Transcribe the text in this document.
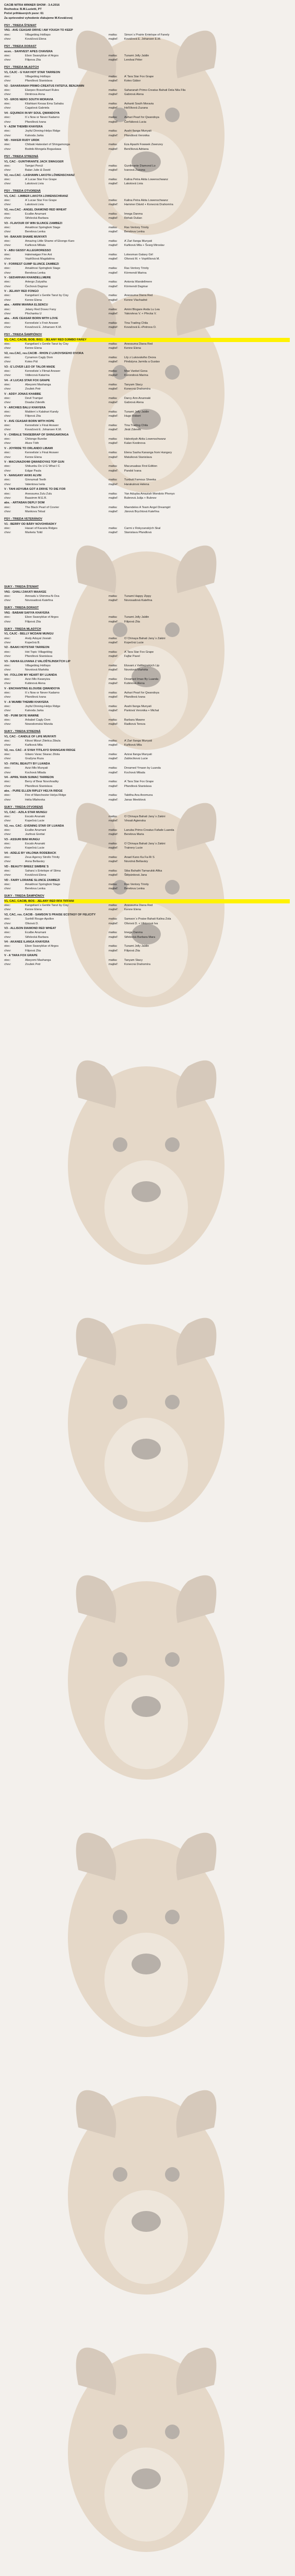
CACIB NITRA WINNER SHOW - 3.4.2016
Rozhodca: B.M.Luzietti, PT
Počet prihlásených psov: 61
Za sprievodné vyhodenie ďakujeme M.Kováčovej
PSY - TRIEDA ŠTENIAT
VN1 - AVE CEASAR DRIVE I AM YOUGH TO KEEP
otec:	Villageblog Hollispo	matka:	Simon´s Prairie Entelope of Fanely
chov:	Kováčová Elena	majiteľ:	Kováčová E. Johansen E.M.
PSY - TRIEDA DORAST
ocen. - SAHIVEST APES CHAVERA
otec:	Ebon Swanyblue of Argos	matka:	Tunami Jolly Jaldin
chov:	Filipova Zita	majiteľ:	Lendvai Péter
PSY - TRIEDA MLADÝCH
V1, CAJC - G´KAH HOT STAR TARREON
otec:	Villageblog Hollispo	matka:	A´Tara Star Fox Grape
chov:	Pfandlová Stanislava	majiteľ:	Kotes Gábor
V2 - SAHARANAH PRIMO-CREATUS FATEFUL BENJAMIN
otec:	Elanpex Bravehaart Rules	matka:	Saharanah Primo-Creatus Bahati Dela Nila Fila
chov:	Dimitrova Anna	majiteľ:	Gabrová Alena
V3 - EROS NERO SOUTH MORAVIA
otec:	Kilahkani Kesaa Ema Sahabu	matka:	Ashanti South Moravia
chov:	Cagalová Gabriela	majiteľ:	Hoľčíková Zuzana
V4 - EQUINOX IN MY SOUL QWANDOYA
otec:	It´s Now or Never Kadamo	matka:	Ashari Pearl for Qwandoya
chov:	Pfandlová Ivana	majiteľ:	Čerňáková Lucia
V - AZIM THEMBI KHAYERA
otec:	Joyful Dinning-Helps Ridge	matka:	Asahi Ilanga Munyati
chov:	Kalvoda Jarka	majiteľ:	Pfandlová Veronika
VD - HAKER RUDY URDK
otec:	Chibaki Hakeslart of Shingamonga	matka:	Eza Apashi Fowwek Zwenzey
chov:	Bodnik-Mongela Boguslawa	majiteľ:	Benčíková Adriana
PSY - TRIEDA STREDNÁ
V1, CAC - GUNTHRANTE JACK SWAGGER
otec:	Tamjari Penúl	matka:	Gunthrante Diamond Lo
chov:	Balan Julie & David	majiteľ:	Ivanová Zuzana
V2, res.CAC - LASHAWN LAKOTA LÖWENSCHANZ
otec:	A´Lucae Star Fox Grape	matka:	Kalina Petra Akita Lowenschwanz
chov:	Lakotová Livia	majiteľ:	Lakotová Livia
PSY - TRIEDA OTVORENÁ
V1, CAC - LIMBER LAKOTA LOWENSCHRANZ
otec:	A´Lucae Star Fox Grape	matka:	Kalina Petra Akita Lowenschwanz
chov:	Lakotová Livia	majiteľ:	Hammer Dávid + Konecná Drahomíra
V2, res.CAC - ANGEL DIAMOND RED WHEAT
otec:	Ecalbe Anumani	matka:	Imega Danma
chov:	Střelecká Barbara	majiteľ:	Rehak Dušan
V3 - FLAVOUR OF WIN SLUNCE ZAMBEZI
otec:	Amakhosi Springbok Stage	matka:	Ras Ventory Trinity
chov:	Berelova Lenka	majiteľ:	Berelova Lenka
V4 - BAKARI SHAME MUNYATI
otec:	Amazing Little Shame of Ekongo Karo	matka:	A´Zari Ilanga Munyati
chov:	Kaňková Miliala	majiteľ:	Kaňková Mila + Švarg Miroslav
V - ABU GESSY ALLEGRORESSO
otec:	Haleinwigan Fire Ant	matka:	Lokesman Galaxy Girl
chov:	Vopěčková Magdaléna	majiteľ:	Olivová M. + Vopěčková M.
V - FORREST GUMP SLUNCE ZAMBEZI
otec:	Amakhosi Springbok Stage	matka:	Ras Ventory Trinity
chov:	Berelova Lenka	majiteľ:	Körmendi Marina
V - GEDARHAN KHANDELLMERE
otec:	Artergo Zutyatha	matka:	Antonia Wandellmere
chov:	Čechová Dagmar	majiteľ:	Körmendi Dagmar
V - JELANY RED FONGO
otec:	Kangeliani´s Gentle Tanzi by Cisy	matka:	Anessuma Diana Red
chov:	Kenne Elena	majiteľ:	Kenne Vlachadné
abs. - AMINI MIANNA ELSENCU
otec:	Jelany Red Dosez Fany	matka:	Amini Blogare Anda Lu Lea
chov:	Plochanka U	majiteľ:	Yakovleva V. + Přecka V.
abs. - AVE CEASAR BORN WITH LOVE
otec:	Kenneliste´s Freir Answer	matka:	Tina Trading Chila
chov:	Kovačová E. Johansen K.M.	majiteľ:	Kovačová E.+Petrova O.
PSY - TRIEDA ŠAMPIÓNOV
V1, CAC, CACIB, BOB, BIS1 - JELANY RED DJIMBO FAREY
otec:	Kangeliani´s Gentle Tanzi by Cisy	matka:	Anessuma Diana Red
chov:	Kenne Elena	majiteľ:	Kenne Elena
V2, res.CAC, res.CACIB - RHON Z LUKOVSKEHO DVORA
otec:	Cynamon Cagly Dom	matka:	Lily z Lukovského Dvora
chov:	Kotes Pál	majiteľ:	Pindulyna Jarmila a Gustav
V3 - E`LOVER LEO OF TALOR MADE
otec:	Kenneliste´s Flimat Answer	matka:	Mae Vankel Gona
chov:	Vidlecová Katarína	majiteľ:	Korondová Marina
V4 - A`LUCAS STAR FOX GRAPE
otec:	Abeyomi Mashanga	matka:	Tanyam Stacy
chov:	Zouliek Petr	majiteľ:	Konecná Drahomíra
V - ADDY JONAS KHABBE
otec:	Devil Tramjari	matka:	Darcy Ann Anunnaki
chov:	Doadai Zdeněk	majiteľ:	Gabrová Alena
V - ARCHIES BALU KHAYERA
otec:	Maldem´s Kalahari Kandy	matka:	Tunami Jolly Jaldin
chov:	Filipová Zita	majiteľ:	Hugo Robert
V - AVE CEASAR BORN WITH HOPE
otec:	Kenneliste´s Final Answer	matka:	Tina Trading Chila
chov:	Kovačová E. Johansen K.M.	majiteľ:	Jinát Zdeněk
V - CHIBALE TANSEBRAP OF SHINGAMONGA
otec:	Chitonge Burebe	matka:	Halestiyah Akita Lowenschwanz
chov:	Alvze Tóth	majiteľ:	Kalan Kestinova
V - JOYRIDE TO ORLANDO LIBAMI
otec:	Kenneliste´s Final Answer	matka:	Elena Sasha Kananga from Hungary
chov:	Kenne Elena	majiteľ:	Matulková Stanislava
V - MACUNAZKHM QWANDOYAS TOP GUN
otec:	Shikunbu Do U G What I C	matka:	Macunuabas First Edition
chov:	Edgar Paula	majiteľ:	Pandol Ivana
V - NANGANY AKIKI ALVIN
otec:	Ginnumali Teeth	matka:	Tunbuti Famous Sheeka
chov:	Valentova Iveta	majiteľ:	Harakulová Helena
V - TAHI ADYUBA GOT A DRIVE TO DIE FOR
otec:	Anessuma Zulu Zulu	matka:	Yan Aduyba Amaziah Mondoto Phenyo
chov:	Baasimm M.E.R.	majiteľ:	Bubnová Julija + Bubnov
abs. - ARTABAN DEPLY DOM
otec:	The Black Pearl of Covrier	matka:	Maendeles A Team Angel Dreamgirl
chov:	Mankova Telsal	majiteľ:	Jánová Brychtová Kateřina
PSY - TRIEDA VETERÁNOV
V1 - BERRY OD BÁRY NOVOHRADKY
otec:	Hasari of Kavaria Ridges	matka:	Carmi z Rokycanských Skal
chov:	Marketa Tolid	majiteľ:	Stanislava Pfandlová
SUKY - TRIEDA ŠTENIAT
VN1 - GHALI ZAKATI MAAKEE
otec:	Amnadu´s Shimma-N-Ova	matka:	Tunami Happy Zippy
chov:	Novosadová Kateřina	majiteľ:	Novosadová Kateřina
SUKY - TRIEDA DORAST
VN1 - BABAM SAFIYA KHAYERA
otec:	Ebon Swanyblue of Argos	matka:	Tunami Jolly Jaldin
chov:	Filipová Zita	majiteľ:	Filipová Zita
SUKY - TRIEDA MLADÝCH
V1, CAJC - BELLY MCDANI MUNGU
otec:	Andy Aduyal Jiosiah	matka:	O`Chinaya Bahati Jany´s Zakini
chov:	Kopečná B.	majiteľ:	Kopečná Lucie
V2 - BAAKI HOTSTAR TARREON
otec:	Hot Topic Villageblog	matka:	A´Tara Star Fox Grape
chov:	Pfandlová Stanislava	majiteľ:	Fajfar Pavel
V3 - NAHIA ELUVANA Z VALOŠTEJNSKÝCH LIP
otec:	Villageblog Hollispo	matka:	Eluvani z Valštejnských Lip
chov:	Novotová Markéta	majiteľ:	Novotová Markéta
V4 - FOLLOW MY HEART BY LUANDA
otec:	Azizi Mlo Kwanyiza	matka:	Dreamed Imao By Luanda
chov:	Kubinová Alena	majiteľ:	Kubinová Alena
V - ENCHANTING ELOUISE QWANDOYA
otec:	It´s Now or Never Kadamo	matka:	Ashari Pearl for Qwandoya
chov:	Pfandlová Ivana	majiteľ:	Pfandlová Ivana
V - A´MUMBI THEMBI KHAYERA
otec:	Joyful Dinning-Helps Ridge	matka:	Asahi Ilanga Munyati
chov:	Kalvoda Jarka	majiteľ:	Pantová Veronika + Michal
VD - PUMI SKYE MAWNE
otec:	Arbabel Cagly Dom	matka:	Barbara Mawne
chov:	Nowodomská Wanda	majiteľ:	Radková Tereza
SUKY - TRIEDA STREDNÁ
V1, CAC - CANDLE OF LIFE MUNYATI
otec:	Kikosi Mizuri Zitetica Zibula	matka:	A´Zari Ilanga Munyati
chov:	Kaňková Mila	majiteľ:	Kaňková Mila
V2, res. CAC - A`SYAH TITILAYO SHANGANI RIDGE
otec:	Gitano Varac Skarac Zitola	matka:	Azizai Ilanga Munyati
chov:	Gražyna Ruza	majiteľ:	Zablocíková Lucie
V3 - FATAL BEAUTY BY LUANDA
otec:	Azizi Mlo Munyati	matka:	Dreamed Ymaon by Luanda
chov:	Kochová Milada	majiteľ:	Kochová Milada
V4 - APRIL`RAIN SUMAC TARREON
otec:	Berry of Bear Novohradky	matka:	A´Tara Star Fox Grape
chov:	Pfandlová Stanislava	majiteľ:	Pfandlová Stanislava
abs. - PURE ELLEN RIPLEY HELYA RIDGE
otec:	Fire of Manchester Helya Ridge	matka:	Tabitha Ana Anomuna
chov:	Helia Mlahovka	majiteľ:	Janas Meeblová
SUKY - TRIEDA OTVORENÁ
V1, CAC - AZILA STAR MUNGU
otec:	Escalo Anunaki	matka:	O`Chinaya Bahati Jany´s Zakini
chov:	Kopečná Lucie	majiteľ:	Vinsati Agienska
V2, res. CAC - EVENING STAR OF LUANDA
otec:	Ecalbe Anumani	matka:	Lanuba Primo-Creatus Fafade Luanda
chov:	Jozfová Grettal	majiteľ:	Berelova Maria
V3 - ASSURI BINI MUNGU
otec:	Escalo Anunaki	matka:	O`Chinaya Bahati Jany´s Zakini
chov:	Kopečná Lucie	majiteľ:	Trainery Lucie
V4 - ADELE BY VALONIA RODEBACK
otec:	Zeus Agency Strollo Trinity	matka:	Anael Kano Ka Fa-Ri S
chov:	Anna Bellaváry	majiteľ:	Novotná Bellaváry
VD - BEAUTY BREEZ SIMBRE´S
otec:	Sahara´s Entelope of Slima	matka:	Siba Bahathi Tamarukki Afika
chov:	Kováčová Elena	majiteľ:	Štěpánková Jana
VD - FAIRY LORAINE SLUNCE ZAMBEZI
otec:	Amakhosi Springbok Stage	matka:	Ras Ventory Trinity
chov:	Berelova Lenka	majiteľ:	Berelova Lenka
SUKY - TRIEDA ŠAMPIÓNOV
V1, CAC, CACIB, BOS - JELANY RED RFA TIFFANI
otec:	Kangeliani´s Gentle Tanzi by Cisy	matka:	Anessuma Diana Red
chov:	Kenne Elena	majiteľ:	Kenne Elena
V2, CAC, res. CACIB - SAMSON´S PRAISE ECSTASY OF FELICITY
otec:	Sunhill Rouge-Apollon	matka:	Samson´s Praise Bahati Kalina Zola
chov:	Olivová D.	majiteľ:	Olivová D. + Viktorová Iva
V3 - ALLISON DIAMOND RED WHEAT
otec:	Ecalbe Anumani	matka:	Imega Danma
chov:	Střelecká Barbara	majiteľ:	Střelecká Barbara Mara
V4 - AKANEE ILANGA KHAYERA
otec:	Ebon Swanyblue of Argos	matka:	Tunami Jolly Jaldin
chov:	Filipová Zita	majiteľ:	Filipová Zita
V - A`TARA FOX GRAPE
otec:	Abeyomi Mashanga	matka:	Tanyam Stacy
chov:	Zouliek Petr	majiteľ:	Konecná Drahomíra
